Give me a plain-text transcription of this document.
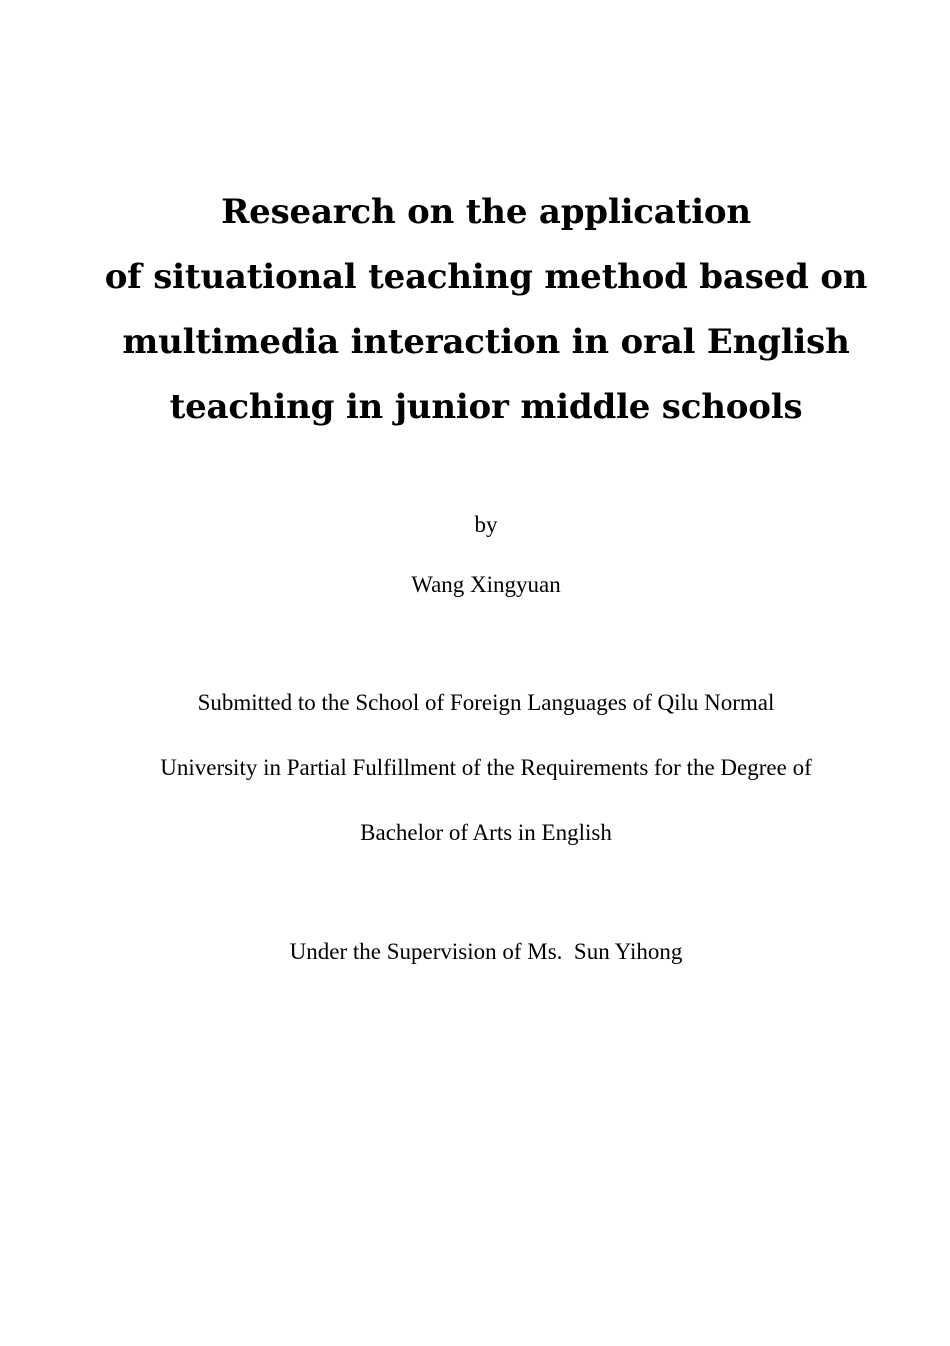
Research on the application
of situational teaching method based on
multimedia interaction in oral English
teaching in junior middle schools
by
Wang Xingyuan
Submitted to the School of Foreign Languages of Qilu Normal
University in Partial Fulfillment of the Requirements for the Degree of
Bachelor of Arts in English
Under the Supervision of Ms.  Sun Yihong
